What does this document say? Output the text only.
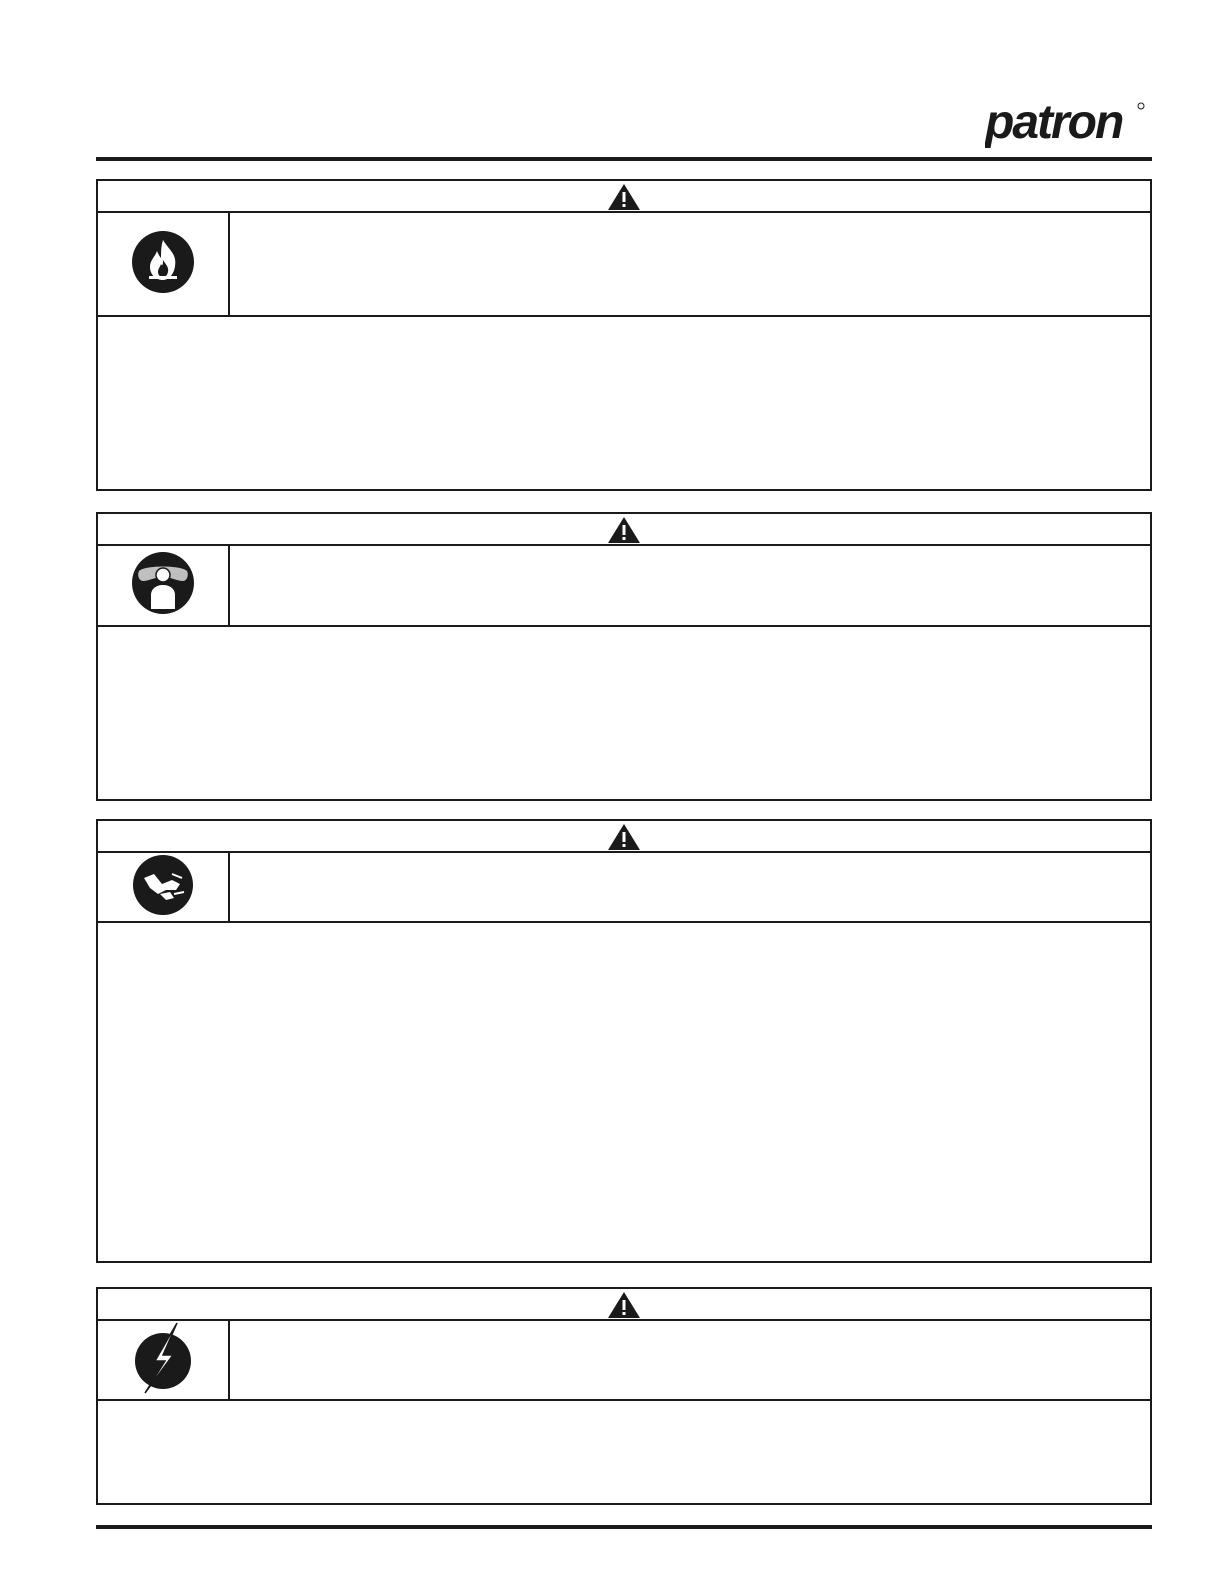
patron
